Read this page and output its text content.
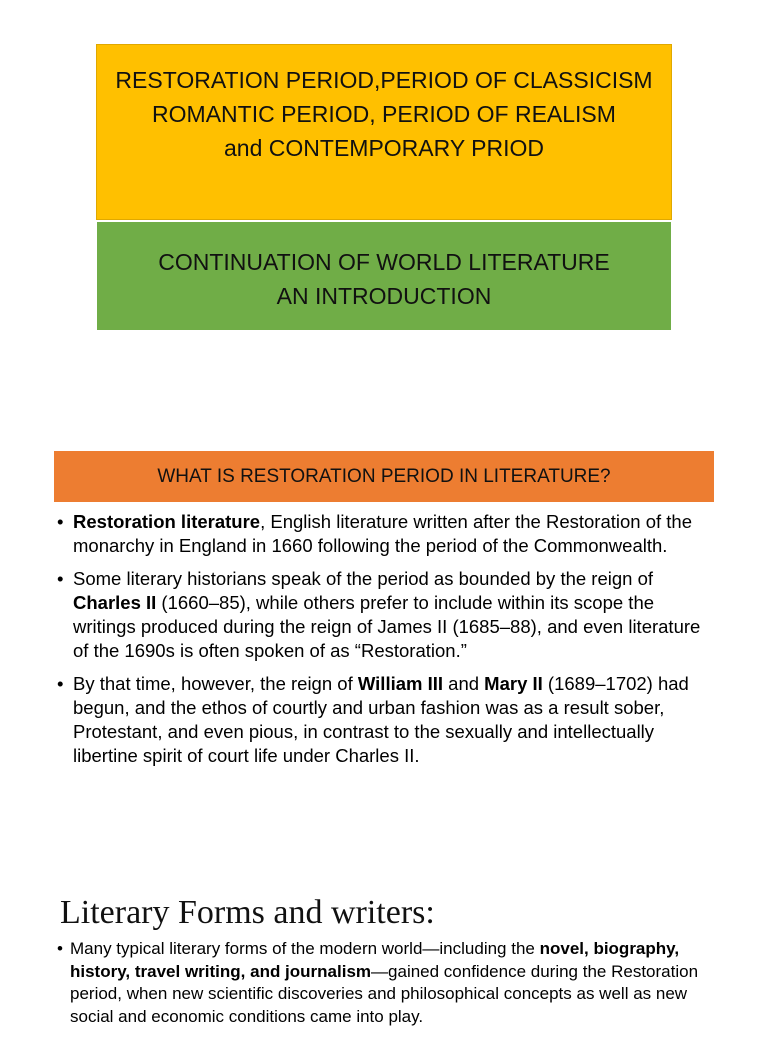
RESTORATION PERIOD,PERIOD OF CLASSICISM
ROMANTIC PERIOD, PERIOD OF REALISM
and CONTEMPORARY PRIOD
CONTINUATION OF WORLD LITERATURE
AN INTRODUCTION
WHAT IS RESTORATION PERIOD IN LITERATURE?
• Restoration literature, English literature written after the Restoration of the monarchy in England in 1660 following the period of the Commonwealth.
• Some literary historians speak of the period as bounded by the reign of Charles II (1660–85), while others prefer to include within its scope the writings produced during the reign of James II (1685–88), and even literature of the 1690s is often spoken of as “Restoration.”
• By that time, however, the reign of William III and Mary II (1689–1702) had begun, and the ethos of courtly and urban fashion was as a result sober, Protestant, and even pious, in contrast to the sexually and intellectually libertine spirit of court life under Charles II.
Literary Forms and writers:
• Many typical literary forms of the modern world—including the novel, biography, history, travel writing, and journalism—gained confidence during the Restoration period, when new scientific discoveries and philosophical concepts as well as new social and economic conditions came into play.
